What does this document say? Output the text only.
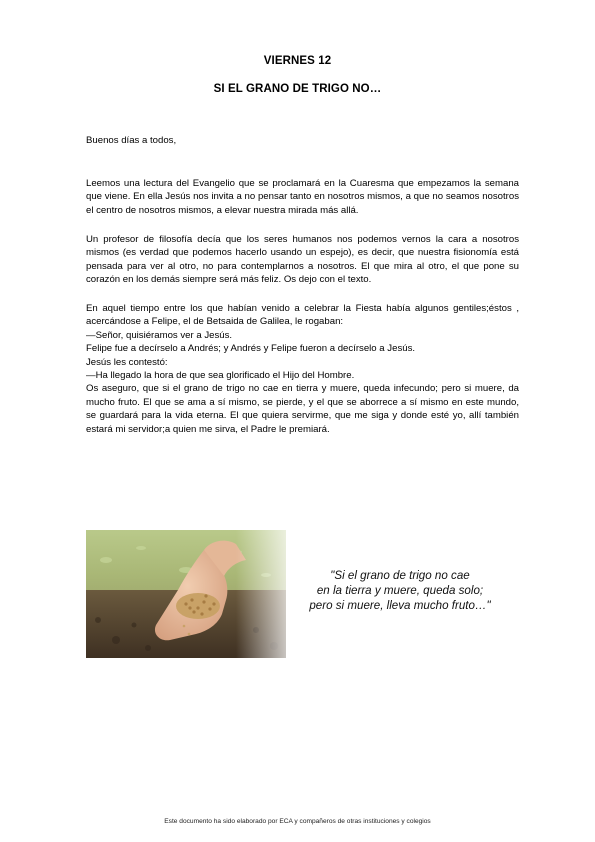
VIERNES 12
SI EL GRANO DE TRIGO NO…
Buenos días a todos,

Leemos una lectura del Evangelio que se proclamará en la Cuaresma que empezamos la semana que viene. En ella Jesús nos invita a no pensar tanto en nosotros mismos, a que no seamos nosotros el centro de nosotros mismos, a elevar nuestra mirada más allá.

Un profesor de filosofía decía que los seres humanos nos podemos vernos la cara a nosotros mismos (es verdad que podemos hacerlo usando un espejo), es decir, que nuestra fisionomía está pensada para ver al otro, no para contemplarnos a nosotros. El que mira al otro, el que pone su corazón en los demás siempre será más feliz. Os dejo con el texto.

En aquel tiempo entre los que habían venido a celebrar la Fiesta había algunos gentiles;éstos , acercándose a Felipe, el de Betsaida de Galilea, le rogaban:
—Señor, quisiéramos ver a Jesús.
Felipe fue a decírselo a Andrés; y Andrés y Felipe fueron a decírselo a Jesús.
Jesús les contestó:
—Ha llegado la hora de que sea glorificado el Hijo del Hombre.
Os aseguro, que si el grano de trigo no cae en tierra y muere, queda infecundo; pero si muere, da mucho fruto. El que se ama a sí mismo, se pierde, y el que se aborrece a sí mismo en este mundo, se guardará para la vida eterna. El que quiera servirme, que me siga y donde esté yo, allí también estará mi servidor;a quien me sirva, el Padre le premiará.
"Si el grano de trigo no cae
en la tierra y muere, queda solo;
pero si muere, lleva mucho fruto…"
Este documento ha sido elaborado por ECA y compañeros de otras instituciones y colegios
